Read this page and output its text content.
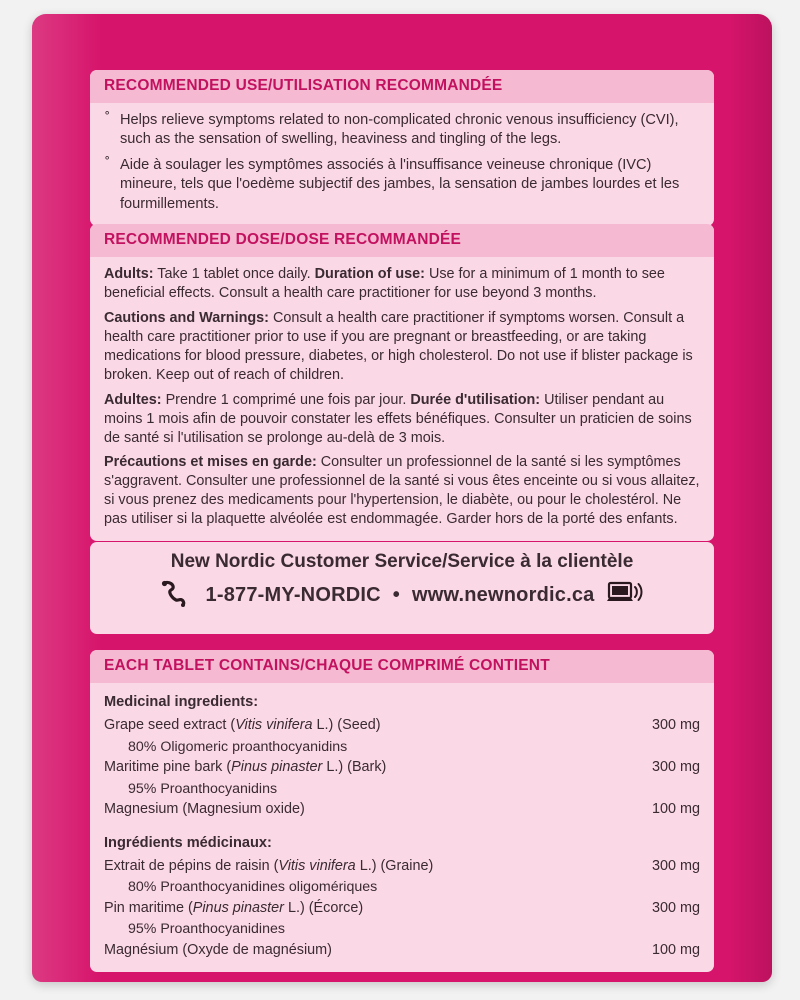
RECOMMENDED USE/UTILISATION RECOMMANDÉE

˚ Helps relieve symptoms related to non-complicated chronic venous insufficiency (CVI), such as the sensation of swelling, heaviness and tingling of the legs.

˚ Aide à soulager les symptômes associés à l'insuffisance veineuse chronique (IVC) mineure, tels que l'oedème subjectif des jambes, la sensation de jambes lourdes et les fourmillements.

RECOMMENDED DOSE/DOSE RECOMMANDÉE

Adults: Take 1 tablet once daily. Duration of use: Use for a minimum of 1 month to see beneficial effects. Consult a health care practitioner for use beyond 3 months.

Cautions and Warnings: Consult a health care practitioner if symptoms worsen. Consult a health care practitioner prior to use if you are pregnant or breastfeeding, or are taking medications for blood pressure, diabetes, or high cholesterol. Do not use if blister package is broken. Keep out of reach of children.

Adultes: Prendre 1 comprimé une fois par jour. Durée d'utilisation: Utiliser pendant au moins 1 mois afin de pouvoir constater les effets bénéfiques. Consulter un praticien de soins de santé si l'utilisation se prolonge au-delà de 3 mois.

Précautions et mises en garde: Consulter un professionnel de la santé si les symptômes s'aggravent. Consulter une professionnel de la santé si vous êtes enceinte ou si vous allaitez, si vous prenez des medicaments pour l'hypertension, le diabète, ou pour le cholestérol. Ne pas utiliser si la plaquette alvéolée est endommagée. Garder hors de la porté des enfants.

New Nordic Customer Service/Service à la clientèle
1-877-MY-NORDIC • www.newnordic.ca
EACH TABLET CONTAINS/CHAQUE COMPRIMÉ CONTIENT
Medicinal ingredients:
Grape seed extract (Vitis vinifera L.) (Seed)	300 mg
80% Oligomeric proanthocyanidins
Maritime pine bark (Pinus pinaster L.) (Bark)	300 mg
95% Proanthocyanidins
Magnesium (Magnesium oxide)	100 mg
Ingrédients médicinaux:
Extrait de pépins de raisin (Vitis vinifera L.) (Graine)	300 mg
80% Proanthocyanidines oligomériques
Pin maritime (Pinus pinaster L.) (Écorce)	300 mg
95% Proanthocyanidines
Magnésium (Oxyde de magnésium)	100 mg
